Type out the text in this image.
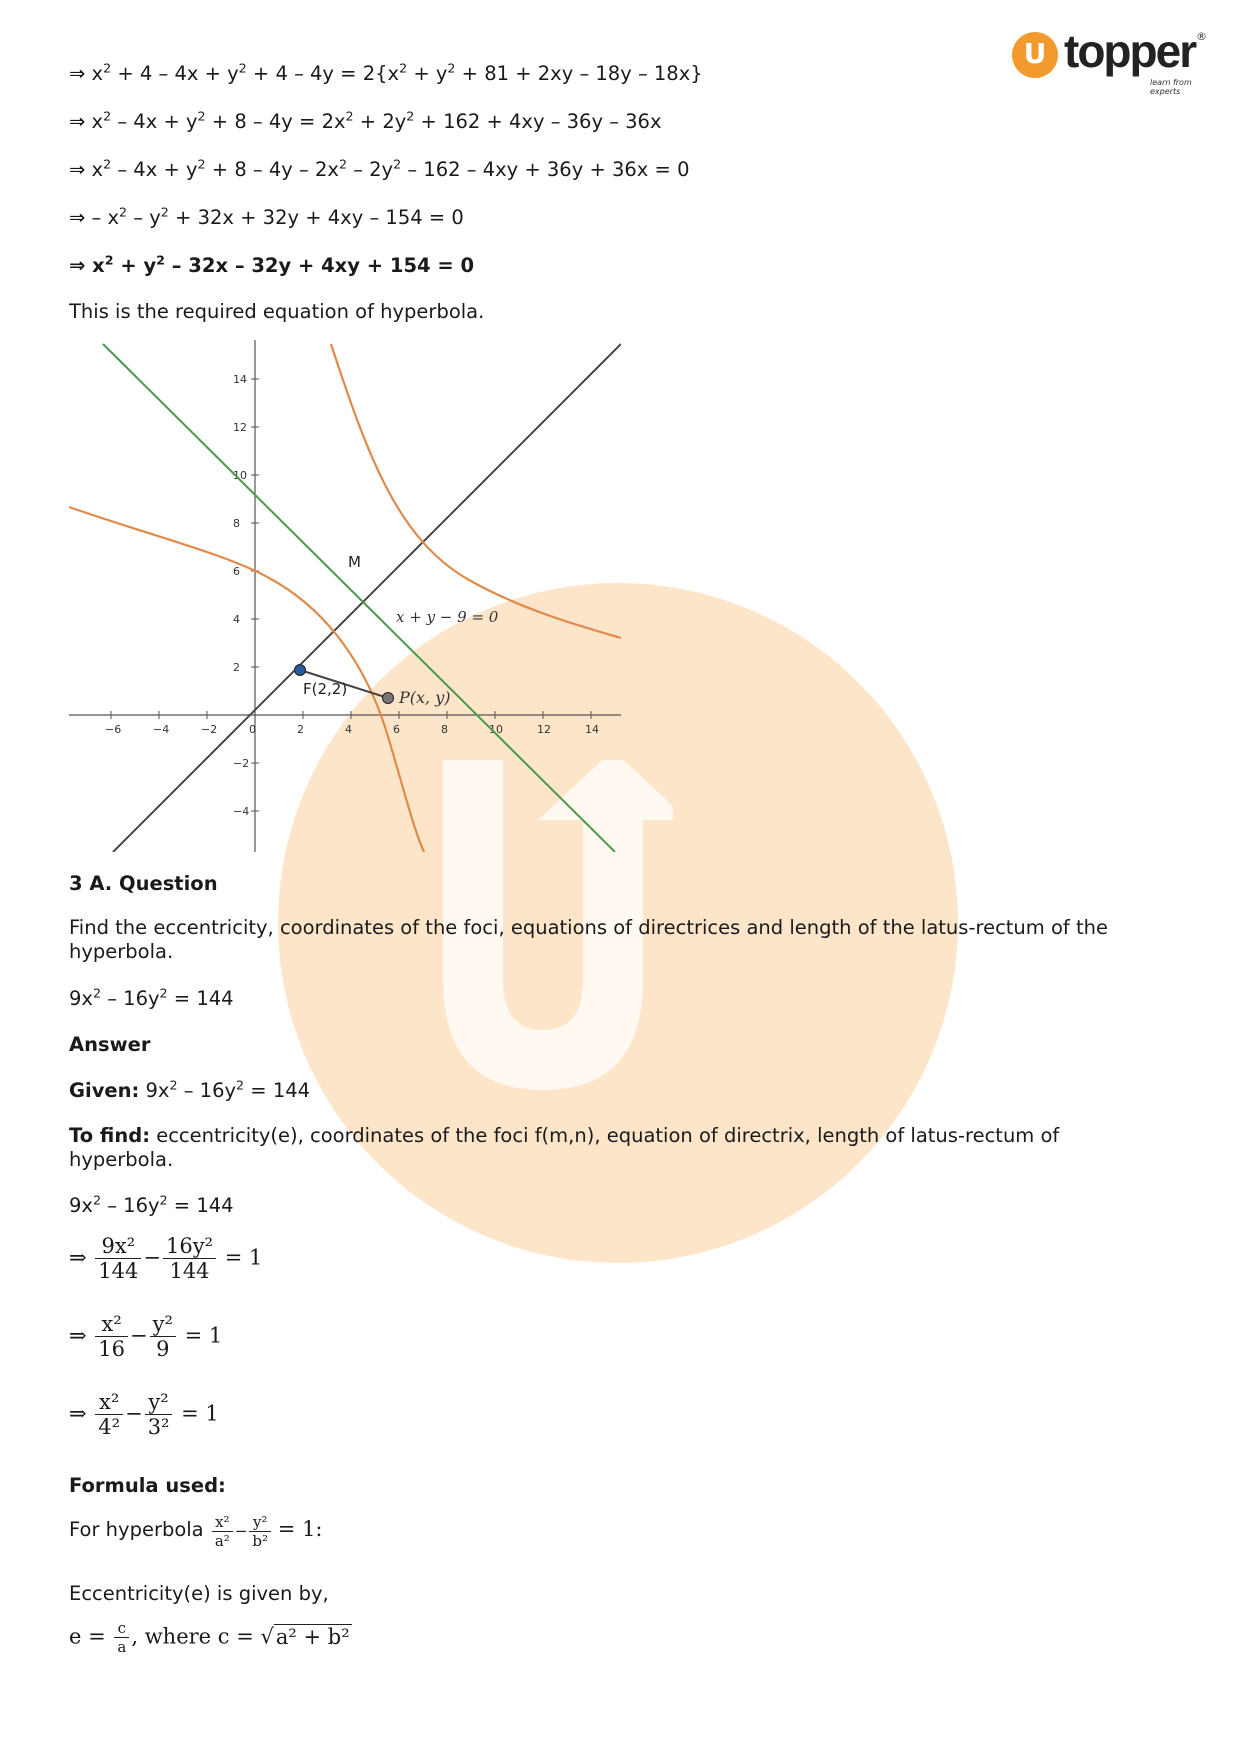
U topper ®
learn from experts
⇒ $x^2 + 4 - 4x + y^2 + 4 - 4y = 2\{x^2 + y^2 + 81 + 2xy - 18y - 18x\}$
⇒ $x^2 - 4x + y^2 + 8 - 4y = 2x^2 + 2y^2 + 162 + 4xy - 36y - 36x$
⇒ $x^2 - 4x + y^2 + 8 - 4y - 2x^2 - 2y^2 - 162 - 4xy + 36y + 36x = 0$
⇒ – $x^2 - y^2 + 32x + 32y + 4xy - 154 = 0$
⇒ $x^2 + y^2 - 32x - 32y + 4xy + 154 = 0$
This is the required equation of hyperbola.
−6	−4	−2	0	2	4	6	8	10	12	14
14
12
10
8
6
4
2
−2
−4
M
x + y − 9 = 0
F(2,2)	P(x, y)
3 A. Question
Find the eccentricity, coordinates of the foci, equations of directrices and length of the latus-rectum of the
hyperbola.
$9x^2 - 16y^2 = 144$
Answer
Given: $9x^2 - 16y^2 = 144$
To find: eccentricity(e), coordinates of the foci f(m,n), equation of directrix, length of latus-rectum of
hyperbola.
$9x^2 - 16y^2 = 144$
⇒ $\frac{\text{9x²}}{144} - \frac{\text{16y²}}{144} = 1$
⇒ $\frac{\text{x²}}{16} - \frac{\text{y²}}{9} = 1$
⇒ $\frac{\text{x²}}{\text{4²}} - \frac{\text{y²}}{\text{3²}} = 1$
Formula used:
For hyperbola $\frac{\text{x²}}{\text{a²}} - \frac{\text{y²}}{\text{b²}} = 1$:
Eccentricity(e) is given by,
$e = \frac{c}{a}$ , where c = √a² + b²
